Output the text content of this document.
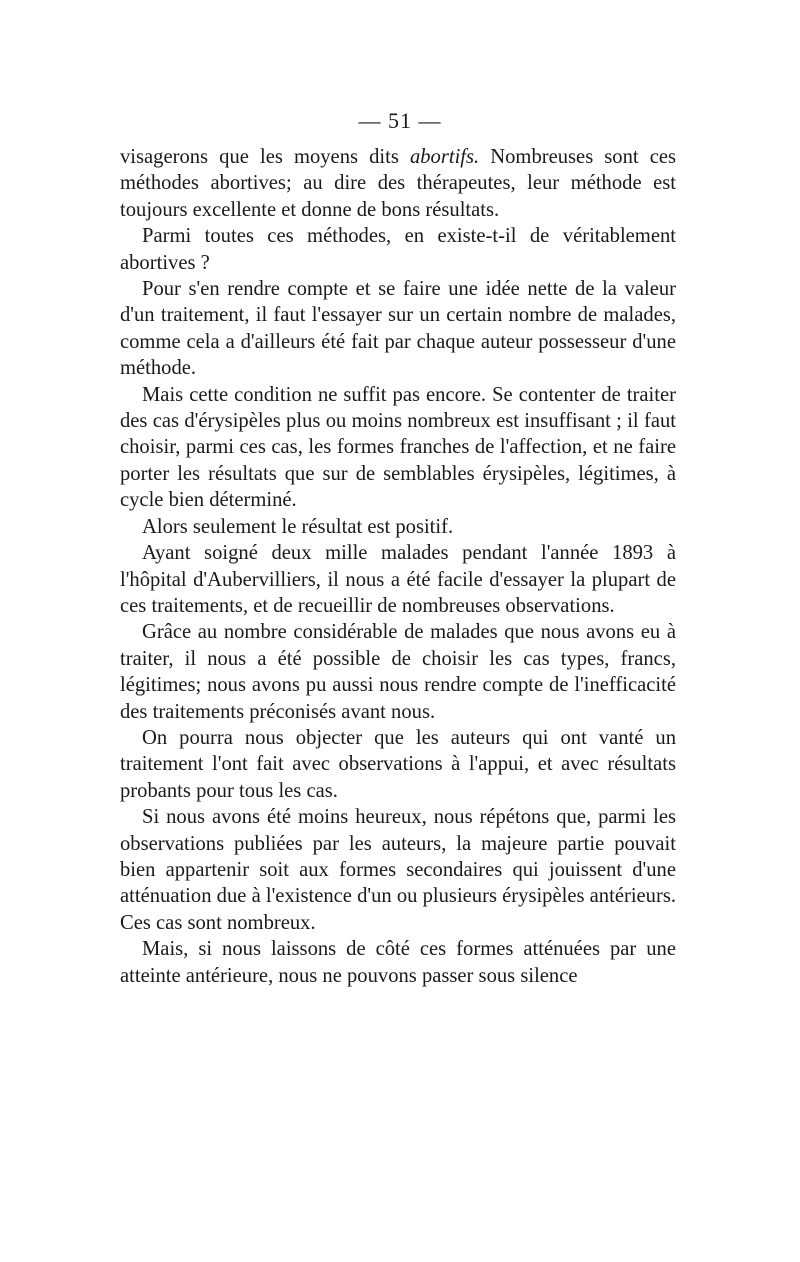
— 51 —

visagerons que les moyens dits abortifs. Nombreuses sont ces méthodes abortives; au dire des thérapeutes, leur méthode est toujours excellente et donne de bons résultats.

Parmi toutes ces méthodes, en existe-t-il de véritablement abortives ?

Pour s'en rendre compte et se faire une idée nette de la valeur d'un traitement, il faut l'essayer sur un certain nombre de malades, comme cela a d'ailleurs été fait par chaque auteur possesseur d'une méthode.

Mais cette condition ne suffit pas encore. Se contenter de traiter des cas d'érysipèles plus ou moins nombreux est insuffisant ; il faut choisir, parmi ces cas, les formes franches de l'affection, et ne faire porter les résultats que sur de semblables érysipèles, légitimes, à cycle bien déterminé.

Alors seulement le résultat est positif.

Ayant soigné deux mille malades pendant l'année 1893 à l'hôpital d'Aubervilliers, il nous a été facile d'essayer la plupart de ces traitements, et de recueillir de nombreuses observations.

Grâce au nombre considérable de malades que nous avons eu à traiter, il nous a été possible de choisir les cas types, francs, légitimes; nous avons pu aussi nous rendre compte de l'inefficacité des traitements préconisés avant nous.

On pourra nous objecter que les auteurs qui ont vanté un traitement l'ont fait avec observations à l'appui, et avec résultats probants pour tous les cas.

Si nous avons été moins heureux, nous répétons que, parmi les observations publiées par les auteurs, la majeure partie pouvait bien appartenir soit aux formes secondaires qui jouissent d'une atténuation due à l'existence d'un ou plusieurs érysipèles antérieurs. Ces cas sont nombreux.

Mais, si nous laissons de côté ces formes atténuées par une atteinte antérieure, nous ne pouvons passer sous silence
